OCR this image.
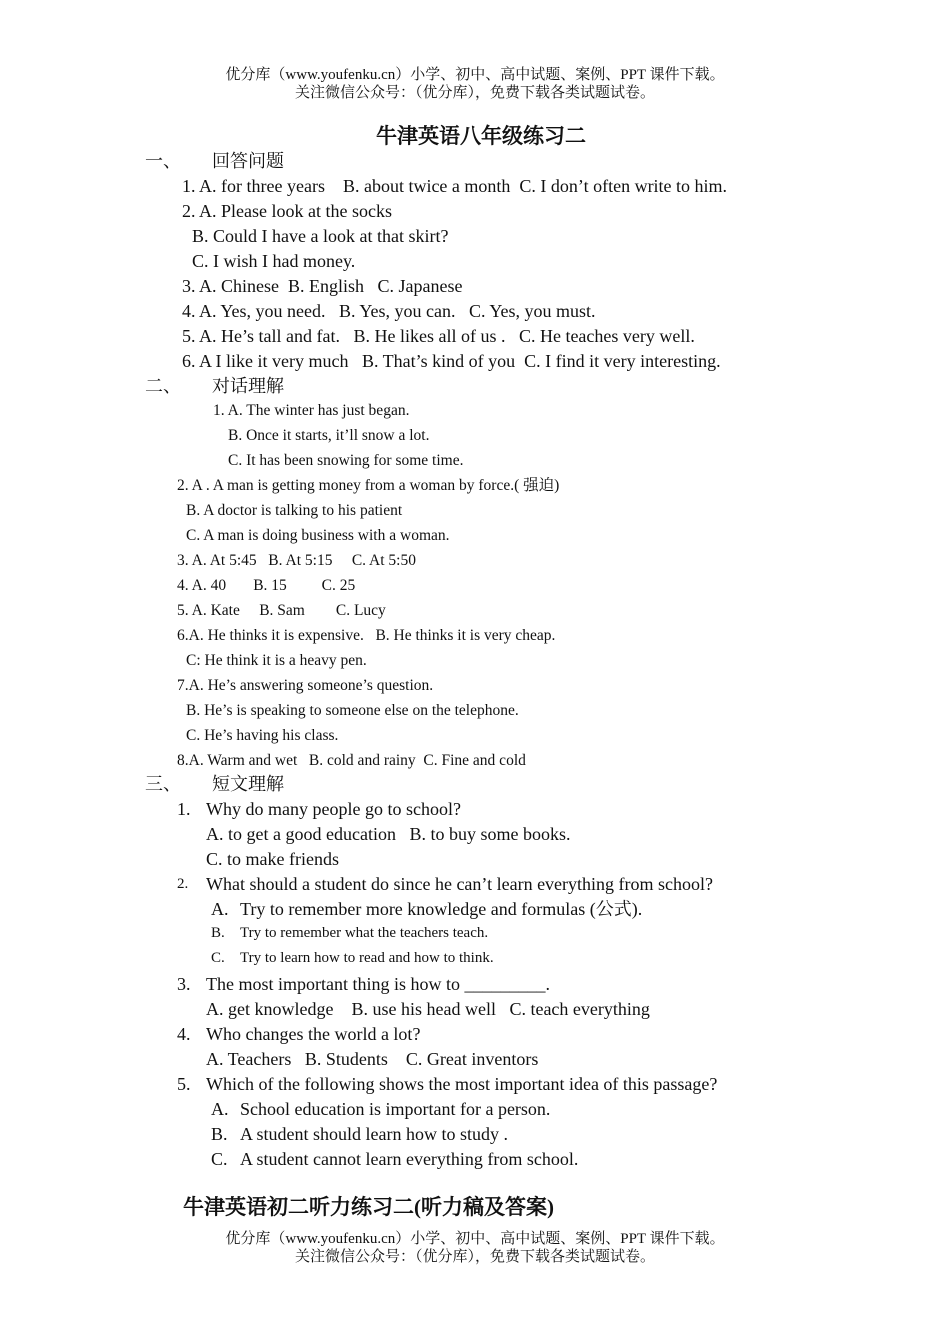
优分库（www.youfenku.cn）小学、初中、高中试题、案例、PPT 课件下载。
关注微信公众号：（优分库），免费下载各类试题试卷。
牛津英语八年级练习二
一、 回答问题
1. A. for three years    B. about twice a month  C. I don’t often write to him.
2. A. Please look at the socks
B. Could I have a look at that skirt?
C. I wish I had money.
3. A. Chinese  B. English   C. Japanese
4. A. Yes, you need.   B. Yes, you can.   C. Yes, you must.
5. A. He’s tall and fat.   B. He likes all of us .   C. He teaches very well.
6. A I like it very much   B. That’s kind of you  C. I find it very interesting.
二、 对话理解
1. A. The winter has just began.
B. Once it starts, it’ll snow a lot.
C. It has been snowing for some time.
2. A . A man is getting money from a woman by force.( 强迫)
B. A doctor is talking to his patient
C. A man is doing business with a woman.
3. A. At 5:45   B. At 5:15     C. At 5:50
4. A. 40       B. 15         C. 25
5. A. Kate     B. Sam        C. Lucy
6.A. He thinks it is expensive.   B. He thinks it is very cheap.
C: He think it is a heavy pen.
7.A. He’s answering someone’s question.
B. He’s is speaking to someone else on the telephone.
C. He’s having his class.
8.A. Warm and wet   B. cold and rainy  C. Fine and cold
三、 短文理解
1. Why do many people go to school?
A. to get a good education   B. to buy some books.
C. to make friends
2. What should a student do since he can’t learn everything from school?
A. Try to remember more knowledge and formulas (公式).
B. Try to remember what the teachers teach.
C. Try to learn how to read and how to think.
3. The most important thing is how to _________.
A. get knowledge    B. use his head well   C. teach everything
4. Who changes the world a lot?
A. Teachers   B. Students    C. Great inventors
5. Which of the following shows the most important idea of this passage?
A. School education is important for a person.
B. A student should learn how to study .
C. A student cannot learn everything from school.
牛津英语初二听力练习二(听力稿及答案)
优分库（www.youfenku.cn）小学、初中、高中试题、案例、PPT 课件下载。
关注微信公众号：（优分库），免费下载各类试题试卷。
